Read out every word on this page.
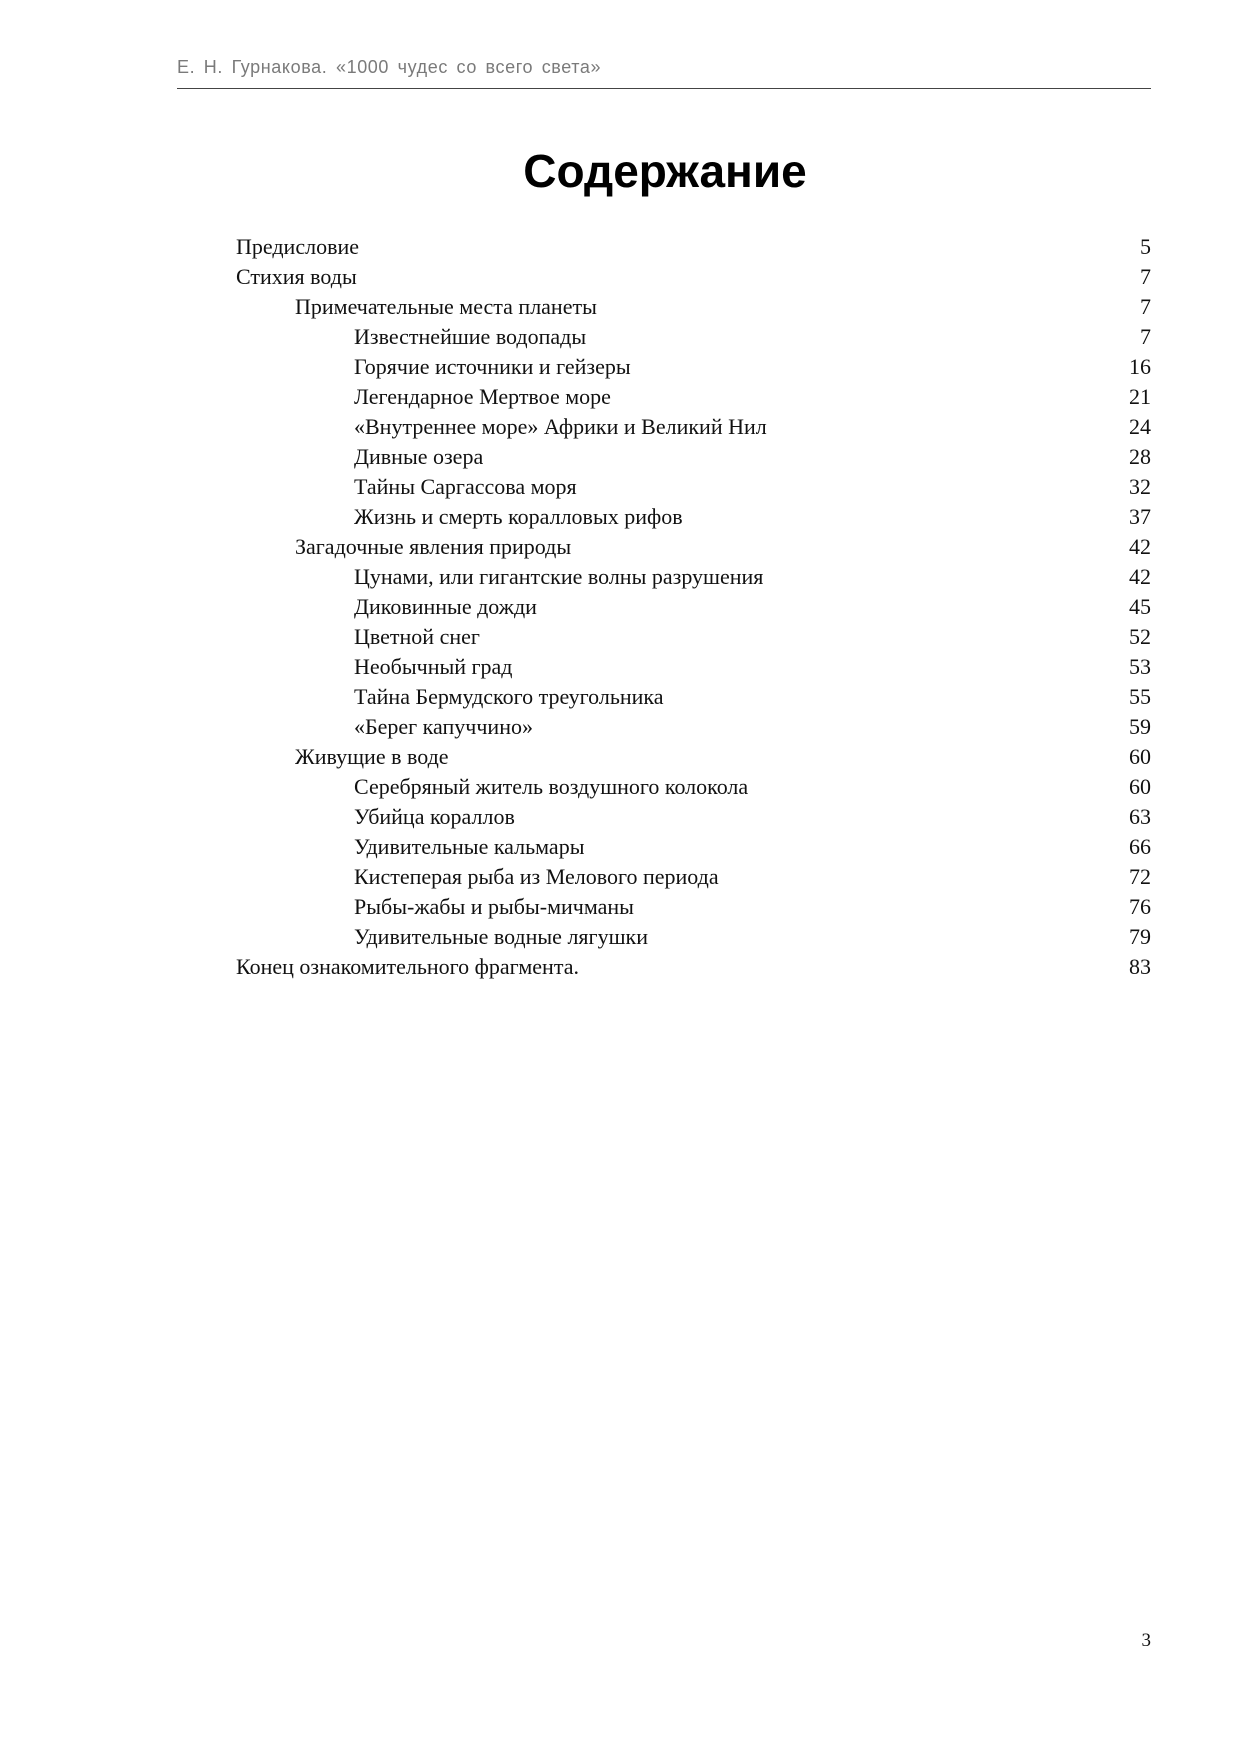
Е. Н. Гурнакова. «1000 чудес со всего света»
Содержание
Предисловие	5
Стихия воды	7
Примечательные места планеты	7
Известнейшие водопады	7
Горячие источники и гейзеры	16
Легендарное Мертвое море	21
«Внутреннее море» Африки и Великий Нил	24
Дивные озера	28
Тайны Саргассова моря	32
Жизнь и смерть коралловых рифов	37
Загадочные явления природы	42
Цунами, или гигантские волны разрушения	42
Диковинные дожди	45
Цветной снег	52
Необычный град	53
Тайна Бермудского треугольника	55
«Берег капуччино»	59
Живущие в воде	60
Серебряный житель воздушного колокола	60
Убийца кораллов	63
Удивительные кальмары	66
Кистеперая рыба из Мелового периода	72
Рыбы-жабы и рыбы-мичманы	76
Удивительные водные лягушки	79
Конец ознакомительного фрагмента.	83
3
